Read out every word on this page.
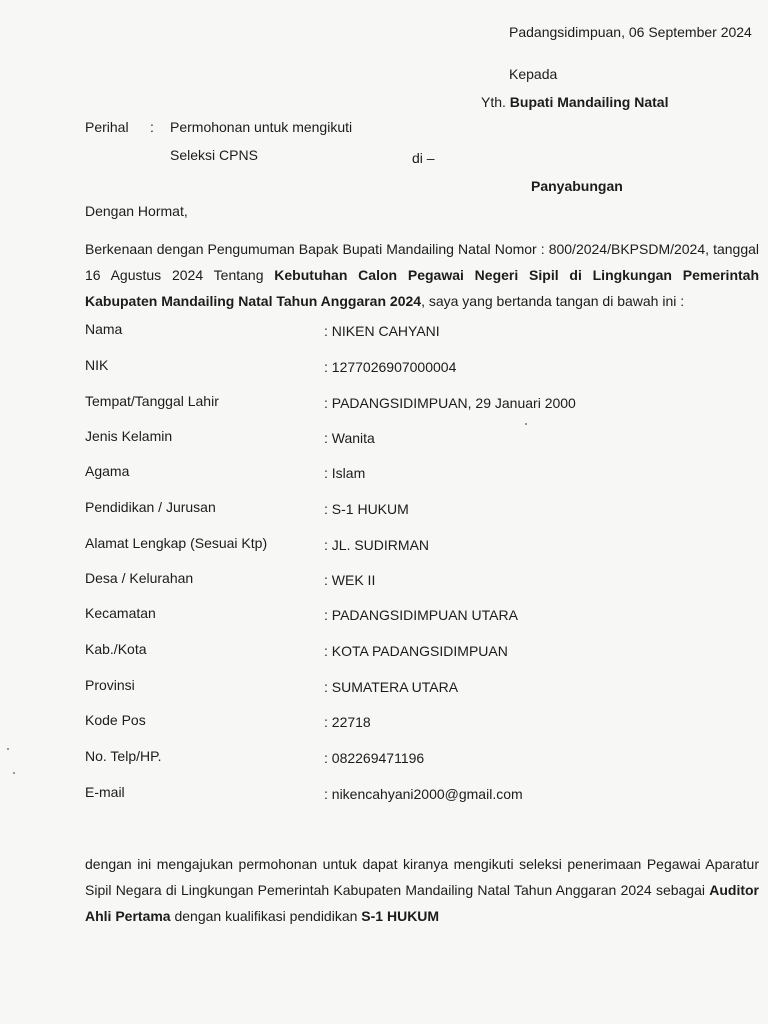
Padangsidimpuan, 06 September 2024
Kepada
Yth. Bupati Mandailing Natal
Perihal : Permohonan untuk mengikuti
Seleksi CPNS	di –
Panyabungan
Dengan Hormat,
Berkenaan dengan Pengumuman Bapak Bupati Mandailing Natal Nomor : 800/2024/BKPSDM/2024, tanggal 16 Agustus 2024 Tentang Kebutuhan Calon Pegawai Negeri Sipil di Lingkungan Pemerintah Kabupaten Mandailing Natal Tahun Anggaran 2024, saya yang bertanda tangan di bawah ini :
Nama	: NIKEN CAHYANI
NIK	: 1277026907000004
Tempat/Tanggal Lahir	: PADANGSIDIMPUAN, 29 Januari 2000
Jenis Kelamin	: Wanita
Agama	: Islam
Pendidikan / Jurusan	: S-1 HUKUM
Alamat Lengkap (Sesuai Ktp)	: JL. SUDIRMAN
Desa / Kelurahan	: WEK II
Kecamatan	: PADANGSIDIMPUAN UTARA
Kab./Kota	: KOTA PADANGSIDIMPUAN
Provinsi	: SUMATERA UTARA
Kode Pos	: 22718
No. Telp/HP.	: 082269471196
E-mail	: nikencahyani2000@gmail.com
dengan ini mengajukan permohonan untuk dapat kiranya mengikuti seleksi penerimaan Pegawai Aparatur Sipil Negara di Lingkungan Pemerintah Kabupaten Mandailing Natal Tahun Anggaran 2024 sebagai Auditor Ahli Pertama dengan kualifikasi pendidikan S-1 HUKUM
